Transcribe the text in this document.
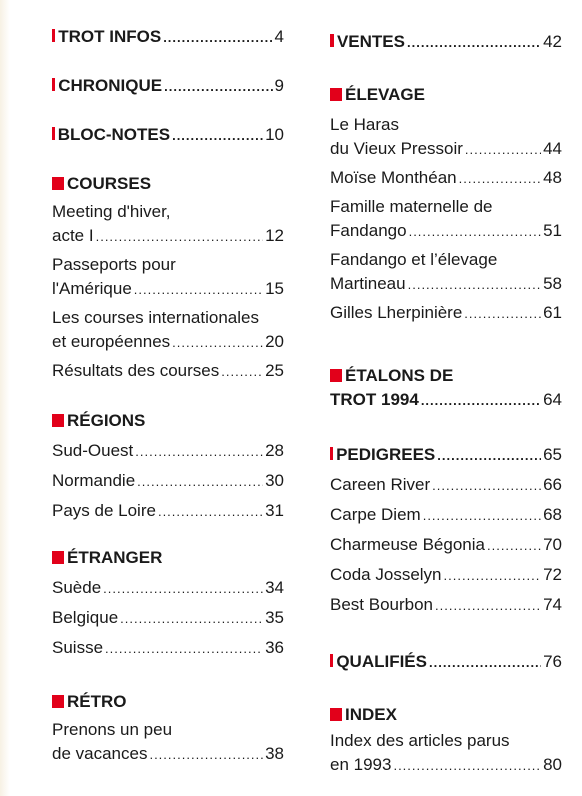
TROT INFOS .....	4
CHRONIQUE .....	9
BLOC-NOTES .....	10
COURSES
Meeting d'hiver,
acte I .....	12
Passeports pour
l'Amérique .....	15
Les courses internationales
et européennes .....	20
Résultats des courses .....	25
RÉGIONS
Sud-Ouest .....	28
Normandie .....	30
Pays de Loire .....	31
ÉTRANGER
Suède .....	34
Belgique .....	35
Suisse .....	36
RÉTRO
Prenons un peu
de vacances .....	38
VENTES .....	42
ÉLEVAGE
Le Haras
du Vieux Pressoir .....	44
Moïse Monthéan .....	48
Famille maternelle de
Fandango .....	51
Fandango et l’élevage
Martineau .....	58
Gilles Lherpinière .....	61
ÉTALONS DE
TROT 1994 .....	64
PEDIGREES .....	65
Careen River .....	66
Carpe Diem .....	68
Charmeuse Bégonia .....	70
Coda Josselyn .....	72
Best Bourbon .....	74
QUALIFIÉS .....	76
INDEX
Index des articles parus
en 1993 .....	80
